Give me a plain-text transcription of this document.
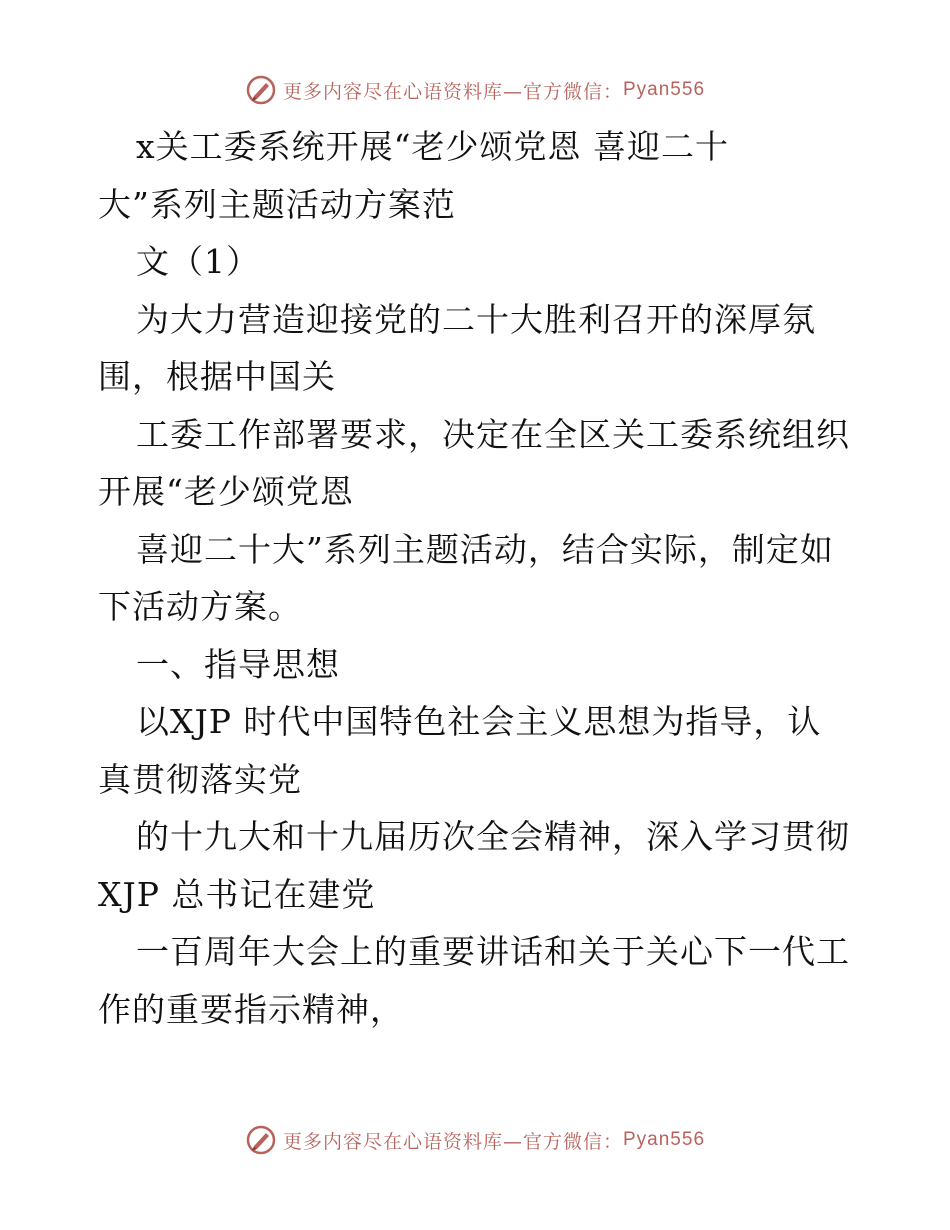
更多内容尽在心语资料库—官方微信： Pyan556
x关工委系统开展“老少颂党恩 喜迎二十
大”系列主题活动方案范
文（1）
为大力营造迎接党的二十大胜利召开的深厚氛
围，根据中国关
工委工作部署要求，决定在全区关工委系统组织
开展“老少颂党恩
喜迎二十大”系列主题活动，结合实际，制定如
下活动方案。
一、指导思想
以XJP 时代中国特色社会主义思想为指导，认
真贯彻落实党
的十九大和十九届历次全会精神，深入学习贯彻
XJP 总书记在建党
一百周年大会上的重要讲话和关于关心下一代工
作的重要指示精神，
更多内容尽在心语资料库—官方微信： Pyan556
